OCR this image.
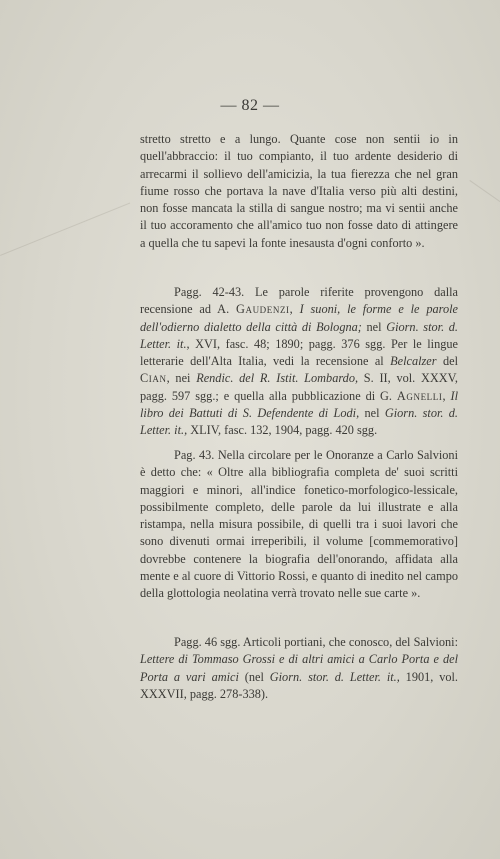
— 82 —

stretto stretto e a lungo. Quante cose non sentii io in quell'abbraccio: il tuo compianto, il tuo ardente desiderio di arrecarmi il sollievo dell'amicizia, la tua fierezza che nel gran fiume rosso che portava la nave d'Italia verso più alti destini, non fosse mancata la stilla di sangue nostro; ma vi sentii anche il tuo accoramento che all'amico tuo non fosse dato di attingere a quella che tu sapevi la fonte inesausta d'ogni conforto ».

Pagg. 42-43. Le parole riferite provengono dalla recensione ad A. Gaudenzi, I suoni, le forme e le parole dell'odierno dialetto della città di Bologna; nel Giorn. stor. d. Letter. it., XVI, fasc. 48; 1890; pagg. 376 sgg. Per le lingue letterarie dell'Alta Italia, vedi la recensione al Belcalzer del Cian, nei Rendic. del R. Istit. Lombardo, S. II, vol. XXXV, pagg. 597 sgg.; e quella alla pubblicazione di G. Agnelli, Il libro dei Battuti di S. Defendente di Lodi, nel Giorn. stor. d. Letter. it., XLIV, fasc. 132, 1904, pagg. 420 sgg.

Pag. 43. Nella circolare per le Onoranze a Carlo Salvioni è detto che: « Oltre alla bibliografia completa de' suoi scritti maggiori e minori, all'indice fonetico-morfologico-lessicale, possibilmente completo, delle parole da lui illustrate e alla ristampa, nella misura possibile, di quelli tra i suoi lavori che sono divenuti ormai irreperibili, il volume [commemorativo] dovrebbe contenere la biografia dell'onorando, affidata alla mente e al cuore di Vittorio Rossi, e quanto di inedito nel campo della glottologia neolatina verrà trovato nelle sue carte ».

Pagg. 46 sgg. Articoli portiani, che conosco, del Salvioni: Lettere di Tommaso Grossi e di altri amici a Carlo Porta e del Porta a vari amici (nel Giorn. stor. d. Letter. it., 1901, vol. XXXVII, pagg. 278-338).
